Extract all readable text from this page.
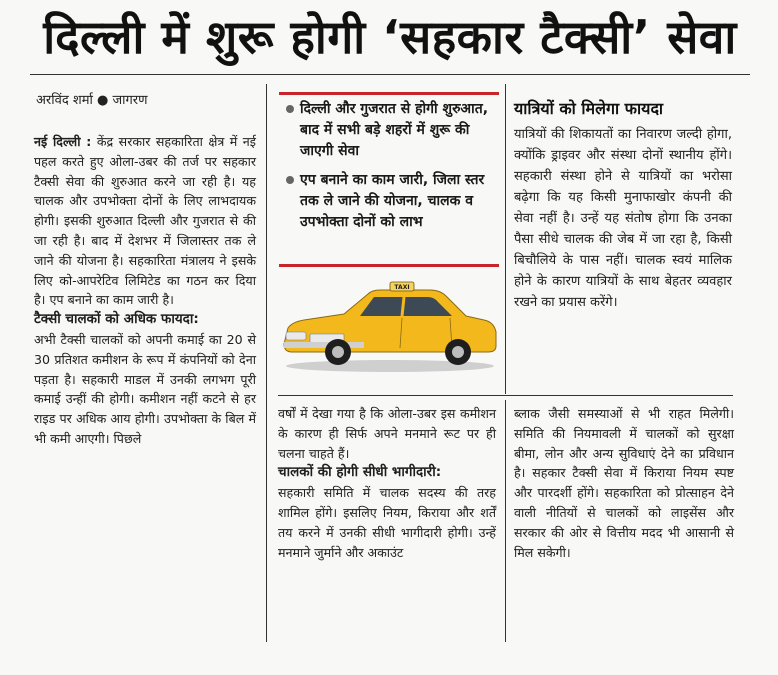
दिल्ली में शुरू होगी ‘सहकार टैक्सी’ सेवा
अरविंद शर्मा ● जागरण

नई दिल्ली : केंद्र सरकार सहकारिता क्षेत्र में नई पहल करते हुए ओला-उबर की तर्ज पर सहकार टैक्सी सेवा की शुरुआत करने जा रही है। यह चालक और उपभोक्ता दोनों के लिए लाभदायक होगी। इसकी शुरुआत दिल्ली और गुजरात से की जा रही है। बाद में देशभर में जिलास्तर तक ले जाने की योजना है। सहकारिता मंत्रालय ने इसके लिए को-आपरेटिव लिमिटेड का गठन कर दिया है। एप बनाने का काम जारी है।

टैक्सी चालकों को अधिक फायदा:

अभी टैक्सी चालकों को अपनी कमाई का 20 से 30 प्रतिशत कमीशन के रूप में कंपनियों को देना पड़ता है। सहकारी माडल में उनकी लगभग पूरी कमाई उन्हीं की होगी। कमीशन नहीं कटने से हर राइड पर अधिक आय होगी। उपभोक्ता के बिल में भी कमी आएगी। पिछले

दिल्ली और गुजरात से होगी शुरुआत, बाद में सभी बड़े शहरों में शुरू की जाएगी सेवा
एप बनाने का काम जारी, जिला स्तर तक ले जाने की योजना, चालक व उपभोक्ता दोनों को लाभ
TAXI
यात्रियों को मिलेगा फायदा
यात्रियों की शिकायतों का निवारण जल्दी होगा, क्योंकि ड्राइवर और संस्था दोनों स्थानीय होंगे। सहकारी संस्था होने से यात्रियों का भरोसा बढ़ेगा कि यह किसी मुनाफाखोर कंपनी की सेवा नहीं है। उन्हें यह संतोष होगा कि उनका पैसा सीधे चालक की जेब में जा रहा है, किसी बिचौलिये के पास नहीं। चालक स्वयं मालिक होने के कारण यात्रियों के साथ बेहतर व्यवहार रखने का प्रयास करेंगे।

वर्षों में देखा गया है कि ओला-उबर इस कमीशन के कारण ही सिर्फ अपने मनमाने रूट पर ही चलना चाहते हैं।

चालकों की होगी सीधी भागीदारी:

सहकारी समिति में चालक सदस्य की तरह शामिल होंगे। इसलिए नियम, किराया और शर्तें तय करने में उनकी सीधी भागीदारी होगी। उन्हें मनमाने जुर्माने और अकाउंट

ब्लाक जैसी समस्याओं से भी राहत मिलेगी। समिति की नियमावली में चालकों को सुरक्षा बीमा, लोन और अन्य सुविधाएं देने का प्रविधान है। सहकार टैक्सी सेवा में किराया नियम स्पष्ट और पारदर्शी होंगे। सहकारिता को प्रोत्साहन देने वाली नीतियों से चालकों को लाइसेंस और सरकार की ओर से वित्तीय मदद भी आसानी से मिल सकेगी।
